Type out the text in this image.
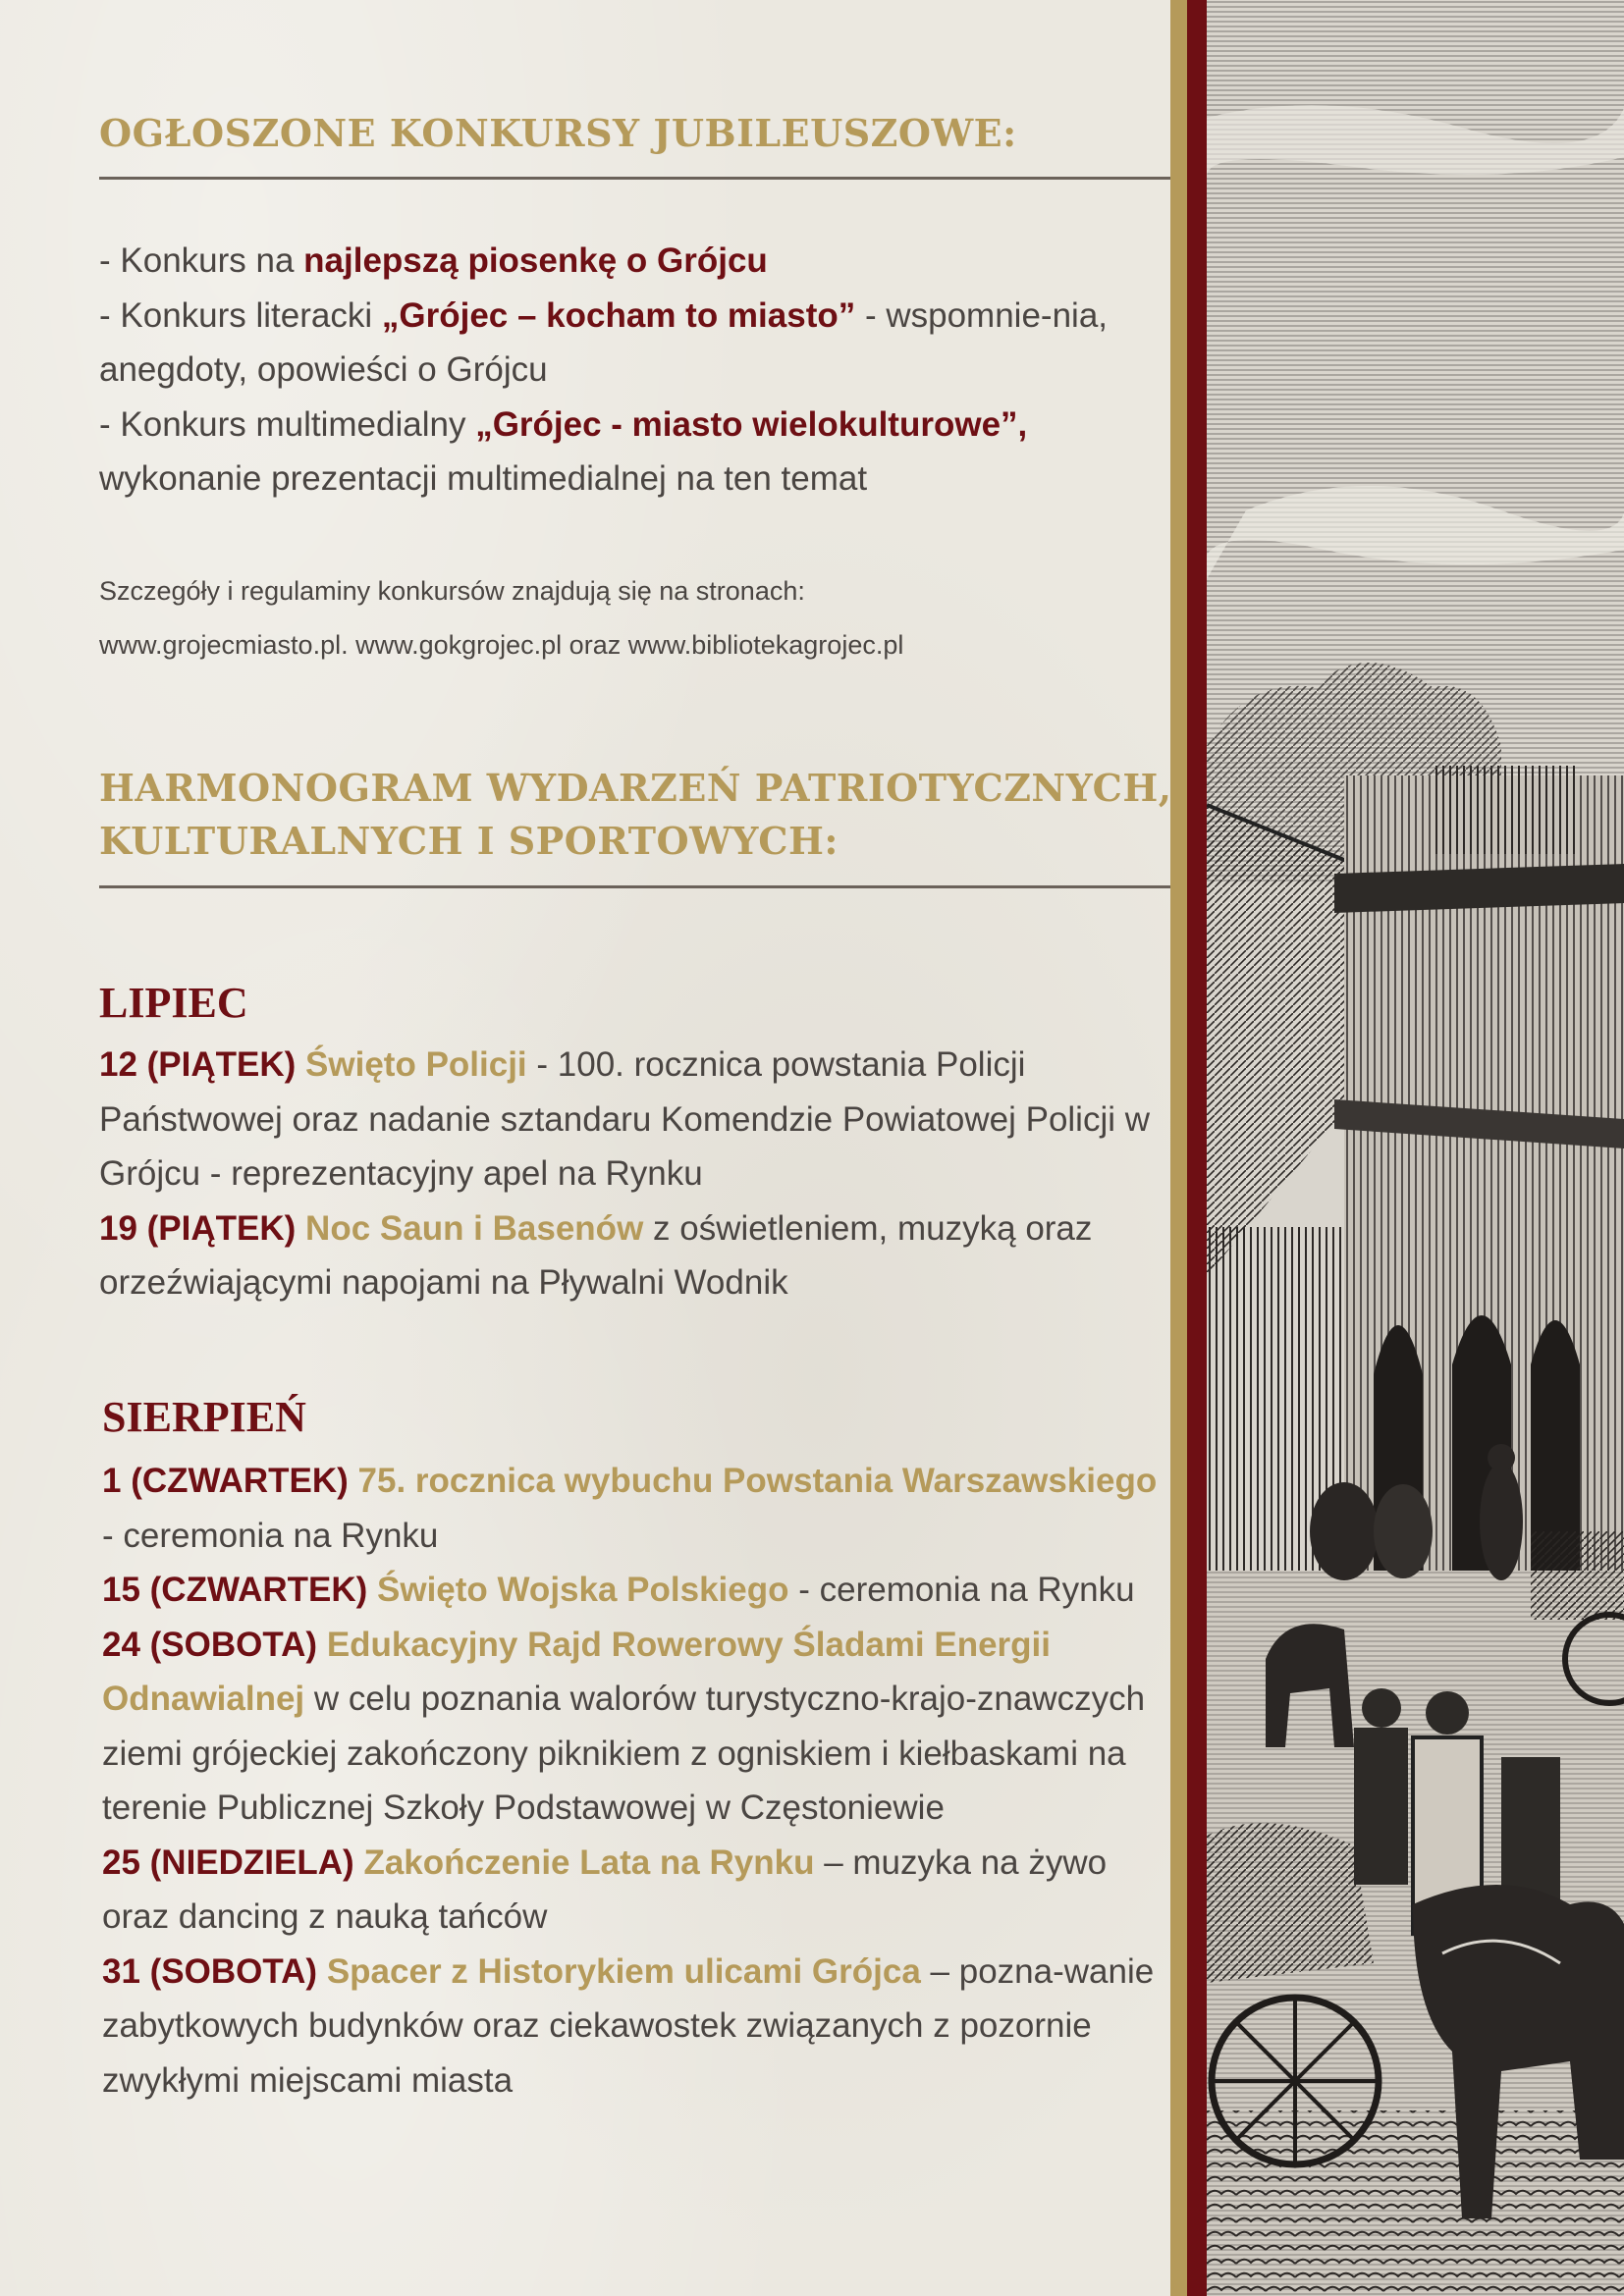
OGŁOSZONE KONKURSY JUBILEUSZOWE:

- Konkurs na najlepszą piosenkę o Grójcu

- Konkurs literacki „Grójec – kocham to miasto” - wspomnie-nia, anegdoty, opowieści o Grójcu

- Konkurs multimedialny „Grójec - miasto wielokulturowe”, wykonanie prezentacji multimedialnej na ten temat

Szczegóły i regulaminy konkursów znajdują się na stronach:

www.grojecmiasto.pl. www.gokgrojec.pl oraz www.bibliotekagrojec.pl

HARMONOGRAM WYDARZEŃ PATRIOTYCZNYCH,
KULTURALNYCH I SPORTOWYCH:
LIPIEC

12 (PIĄTEK) Święto Policji - 100. rocznica powstania Policji Państwowej oraz nadanie sztandaru Komendzie Powiatowej Policji w Grójcu - reprezentacyjny apel na Rynku

19 (PIĄTEK) Noc Saun i Basenów z oświetleniem, muzyką oraz orzeźwiającymi napojami na Pływalni Wodnik

SIERPIEŃ

1 (CZWARTEK) 75. rocznica wybuchu Powstania Warszawskiego - ceremonia na Rynku

15 (CZWARTEK) Święto Wojska Polskiego - ceremonia na Rynku

24 (SOBOTA) Edukacyjny Rajd Rowerowy Śladami Energii Odnawialnej w celu poznania walorów turystyczno-krajo-znawczych ziemi grójeckiej zakończony piknikiem z ogniskiem i kiełbaskami na terenie Publicznej Szkoły Podstawowej w Częstoniewie

25 (NIEDZIELA) Zakończenie Lata na Rynku – muzyka na żywo oraz dancing z nauką tańców

31 (SOBOTA) Spacer z Historykiem ulicami Grójca – pozna-wanie zabytkowych budynków oraz ciekawostek związanych z pozornie zwykłymi miejscami miasta
